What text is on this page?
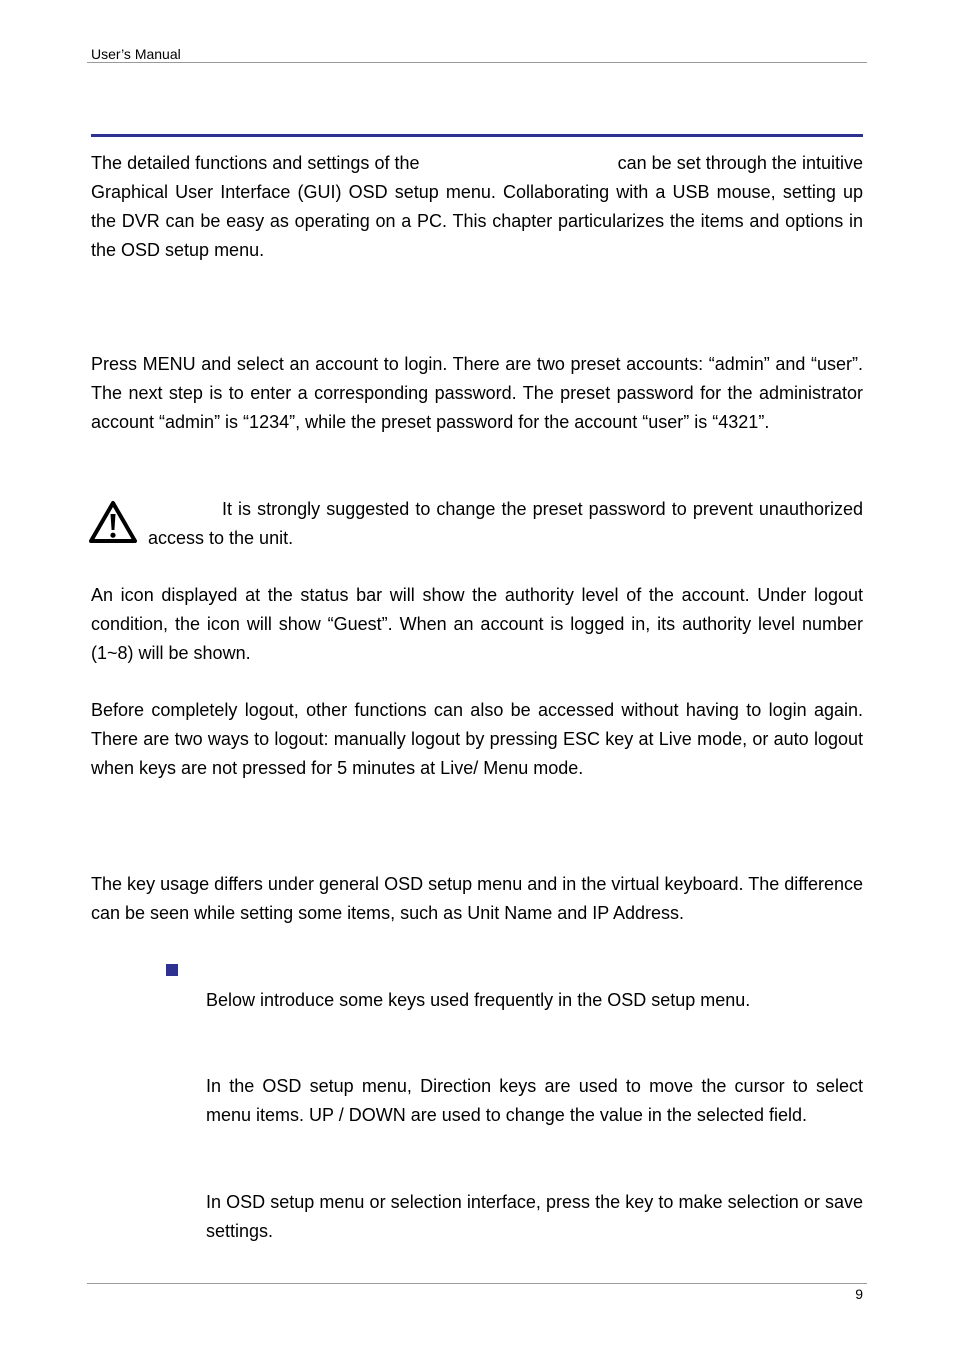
User’s Manual

The detailed functions and settings of the	can be set through the intuitive Graphical User Interface (GUI) OSD setup menu. Collaborating with a USB mouse, setting up the DVR can be easy as operating on a PC. This chapter particularizes the items and options in the OSD setup menu.

Press MENU and select an account to login. There are two preset accounts: “admin” and “user”. The next step is to enter a corresponding password. The preset password for the administrator account “admin” is “1234”, while the preset password for the account “user” is “4321”.

It is strongly suggested to change the preset password to prevent unauthorized access to the unit.

An icon displayed at the status bar will show the authority level of the account. Under logout condition, the icon will show “Guest”. When an account is logged in, its authority level number (1~8) will be shown.

Before completely logout, other functions can also be accessed without having to login again. There are two ways to logout: manually logout by pressing ESC key at Live mode, or auto logout when keys are not pressed for 5 minutes at Live/ Menu mode.

The key usage differs under general OSD setup menu and in the virtual keyboard. The difference can be seen while setting some items, such as Unit Name and IP Address.

Below introduce some keys used frequently in the OSD setup menu.

In the OSD setup menu, Direction keys are used to move the cursor to select menu items. UP / DOWN are used to change the value in the selected field.

In OSD setup menu or selection interface, press the key to make selection or save settings.

9
